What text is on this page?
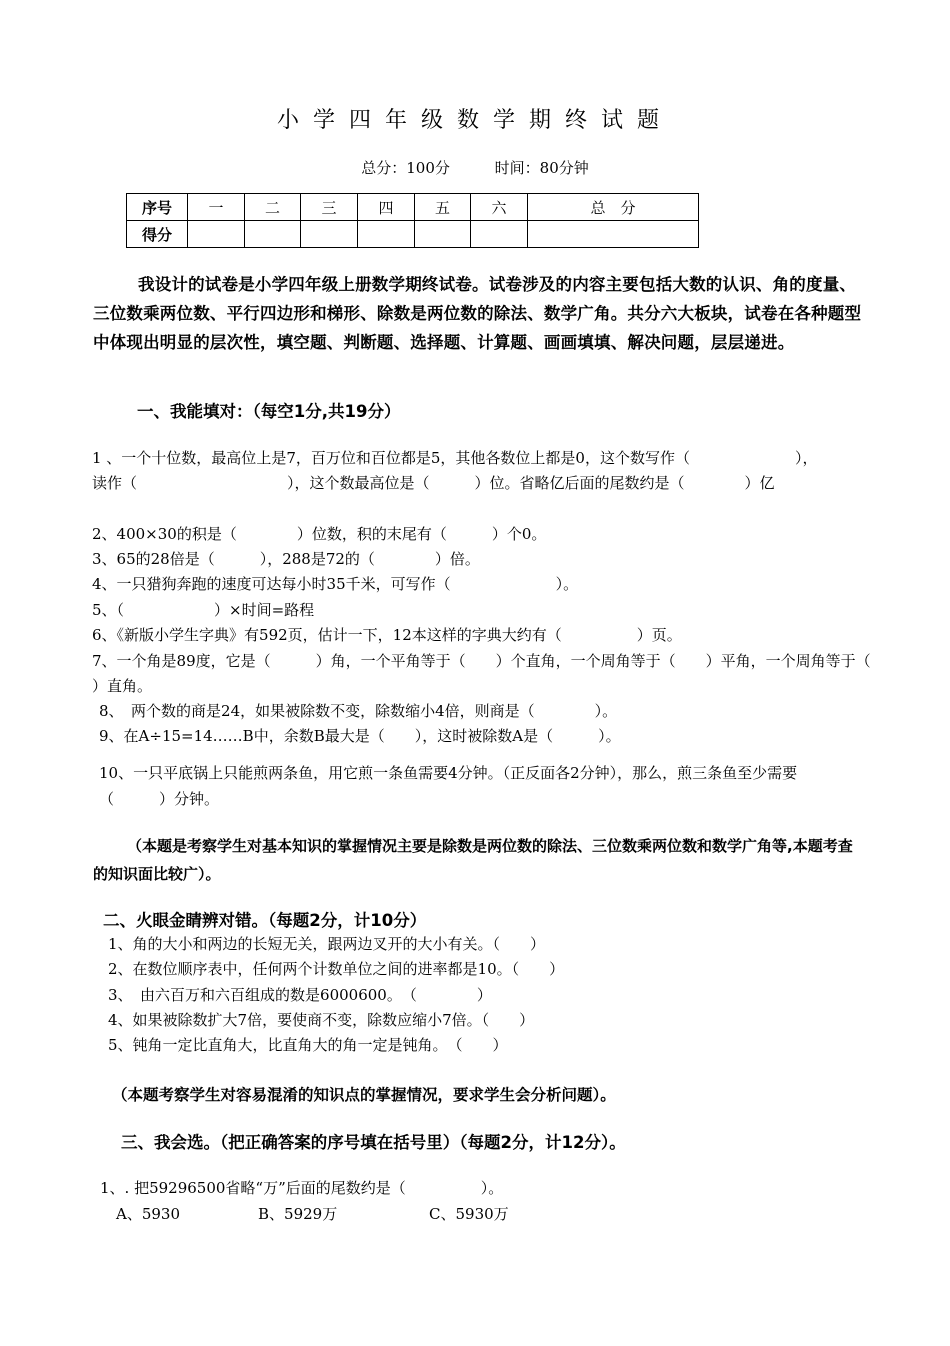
小学四年级数学期终试题
总分：100分	时间：80分钟
序号	一	二	三	四	五	六	总　分
得分							
我设计的试卷是小学四年级上册数学期终试卷。试卷涉及的内容主要包括大数的认识、角的度量、三位数乘两位数、平行四边形和梯形、除数是两位数的除法、数学广角。共分六大板块，试卷在各种题型中体现出明显的层次性，填空题、判断题、选择题、计算题、画画填填、解决问题，层层递进。
一、我能填对：（每空1分,共19分）
1 、一个十位数，最高位上是7，百万位和百位都是5，其他各数位上都是0，这个数写作（　　　　　　　），
读作（　　　　　　　　　　），这个数最高位是（　　　）位。省略亿后面的尾数约是（　　　　）亿
2、400×30的积是（　　　　）位数，积的末尾有（　　　）个0。
3、65的28倍是（　　　），288是72的（　　　　）倍。
4、一只猎狗奔跑的速度可达每小时35千米，可写作（　　　　　　　）。
5、（　　　　　　）×时间=路程
6、《新版小学生字典》有592页，估计一下，12本这样的字典大约有（　　　　　）页。
7、一个角是89度，它是（　　　）角，一个平角等于（　　）个直角，一个周角等于（　　）平角，一个周角等于（
）直角。
8、　两个数的商是24，如果被除数不变，除数缩小4倍，则商是（　　　　）。
9、在A÷15=14……B中，余数B最大是（　　），这时被除数A是（　　　）。
10、一只平底锅上只能煎两条鱼，用它煎一条鱼需要4分钟。（正反面各2分钟），那么，煎三条鱼至少需要
（　　　）分钟。
（本题是考察学生对基本知识的掌握情况主要是除数是两位数的除法、三位数乘两位数和数学广角等,本题考查的知识面比较广）。
二、火眼金睛辨对错。（每题2分，计10分）
1、角的大小和两边的长短无关，跟两边叉开的大小有关。（　　）
2、在数位顺序表中，任何两个计数单位之间的进率都是10。（　　）
3、　由六百万和六百组成的数是6000600。　（　　　　）
4、如果被除数扩大7倍，要使商不变，除数应缩小7倍。（　　）
5、钝角一定比直角大，比直角大的角一定是钝角。　（　　）
（本题考察学生对容易混淆的知识点的掌握情况，要求学生会分析问题）。
三、我会选。（把正确答案的序号填在括号里）（每题2分，计12分）。
1、. 把59296500省略“万”后面的尾数约是（　　　　　）。
A、5930	B、5929万	C、5930万
